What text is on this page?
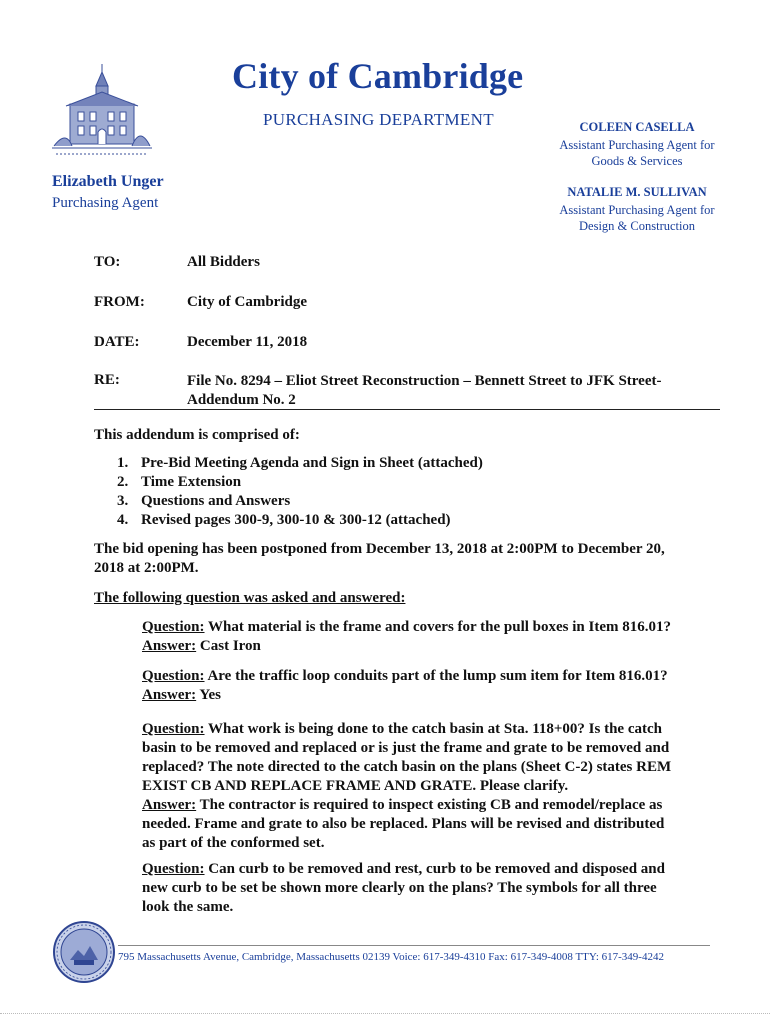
City of Cambridge
PURCHASING DEPARTMENT
Elizabeth Unger
Purchasing Agent
COLEEN CASELLA
Assistant Purchasing Agent for
Goods & Services
NATALIE M. SULLIVAN
Assistant Purchasing Agent for
Design & Construction
TO:	All Bidders
FROM:	City of Cambridge
DATE:	December 11, 2018
RE:	File No. 8294 – Eliot Street Reconstruction – Bennett Street to JFK Street-
Addendum No. 2
This addendum is comprised of:
1. Pre-Bid Meeting Agenda and Sign in Sheet (attached)
2. Time Extension
3. Questions and Answers
4. Revised pages 300-9, 300-10 & 300-12 (attached)
The bid opening has been postponed from December 13, 2018 at 2:00PM to December 20,
2018 at 2:00PM.
The following question was asked and answered:
Question: What material is the frame and covers for the pull boxes in Item 816.01?
Answer: Cast Iron
Question: Are the traffic loop conduits part of the lump sum item for Item 816.01?
Answer: Yes
Question: What work is being done to the catch basin at Sta. 118+00? Is the catch
basin to be removed and replaced or is just the frame and grate to be removed and
replaced? The note directed to the catch basin on the plans (Sheet C-2) states REM
EXIST CB AND REPLACE FRAME AND GRATE. Please clarify.
Answer: The contractor is required to inspect existing CB and remodel/replace as
needed. Frame and grate to also be replaced. Plans will be revised and distributed
as part of the conformed set.
Question: Can curb to be removed and rest, curb to be removed and disposed and
new curb to be set be shown more clearly on the plans? The symbols for all three
look the same.
795 Massachusetts Avenue, Cambridge, Massachusetts 02139 Voice: 617-349-4310 Fax: 617-349-4008 TTY: 617-349-4242
